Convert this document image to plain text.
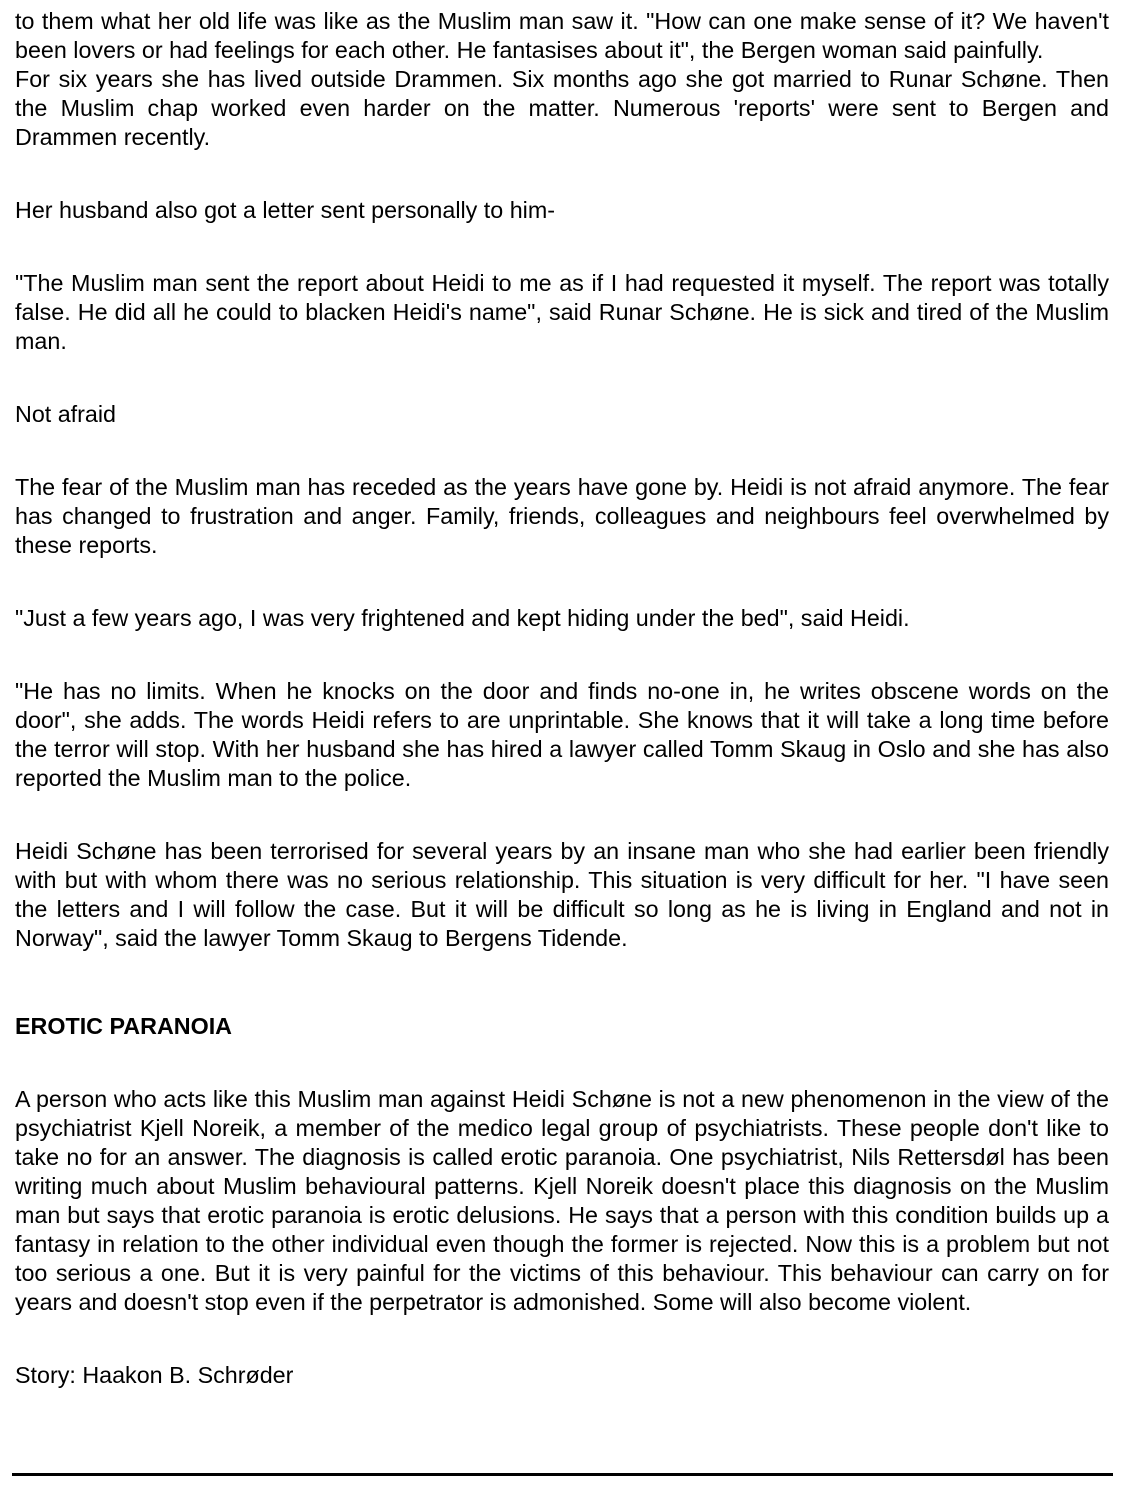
to them what her old life was like as the Muslim man saw it. "How can one make sense of it? We haven't been lovers or had feelings for each other. He fantasises about it", the Bergen woman said painfully.

For six years she has lived outside Drammen. Six months ago she got married to Runar Schøne. Then the Muslim chap worked even harder on the matter. Numerous 'reports' were sent to Bergen and Drammen recently.

Her husband also got a letter sent personally to him-

"The Muslim man sent the report about Heidi to me as if I had requested it myself. The report was totally false. He did all he could to blacken Heidi's name", said Runar Schøne. He is sick and tired of the Muslim man.

Not afraid

The fear of the Muslim man has receded as the years have gone by. Heidi is not afraid anymore. The fear has changed to frustration and anger. Family, friends, colleagues and neighbours feel overwhelmed by these reports.

"Just a few years ago, I was very frightened and kept hiding under the bed", said Heidi.

"He has no limits. When he knocks on the door and finds no-one in, he writes obscene words on the door", she adds. The words Heidi refers to are unprintable. She knows that it will take a long time before the terror will stop. With her husband she has hired a lawyer called Tomm Skaug in Oslo and she has also reported the Muslim man to the police.

Heidi Schøne has been terrorised for several years by an insane man who she had earlier been friendly with but with whom there was no serious relationship. This situation is very difficult for her. "I have seen the letters and I will follow the case. But it will be difficult so long as he is living in England and not in Norway", said the lawyer Tomm Skaug to Bergens Tidende.

EROTIC PARANOIA

A person who acts like this Muslim man against Heidi Schøne is not a new phenomenon in the view of the psychiatrist Kjell Noreik, a member of the medico legal group of psychiatrists. These people don't like to take no for an answer. The diagnosis is called erotic paranoia. One psychiatrist, Nils Rettersdøl has been writing much about Muslim behavioural patterns. Kjell Noreik doesn't place this diagnosis on the Muslim man but says that erotic paranoia is erotic delusions. He says that a person with this condition builds up a fantasy in relation to the other individual even though the former is rejected. Now this is a problem but not too serious a one. But it is very painful for the victims of this behaviour. This behaviour can carry on for years and doesn't stop even if the perpetrator is admonished. Some will also become violent.

Story: Haakon B. Schrøder
